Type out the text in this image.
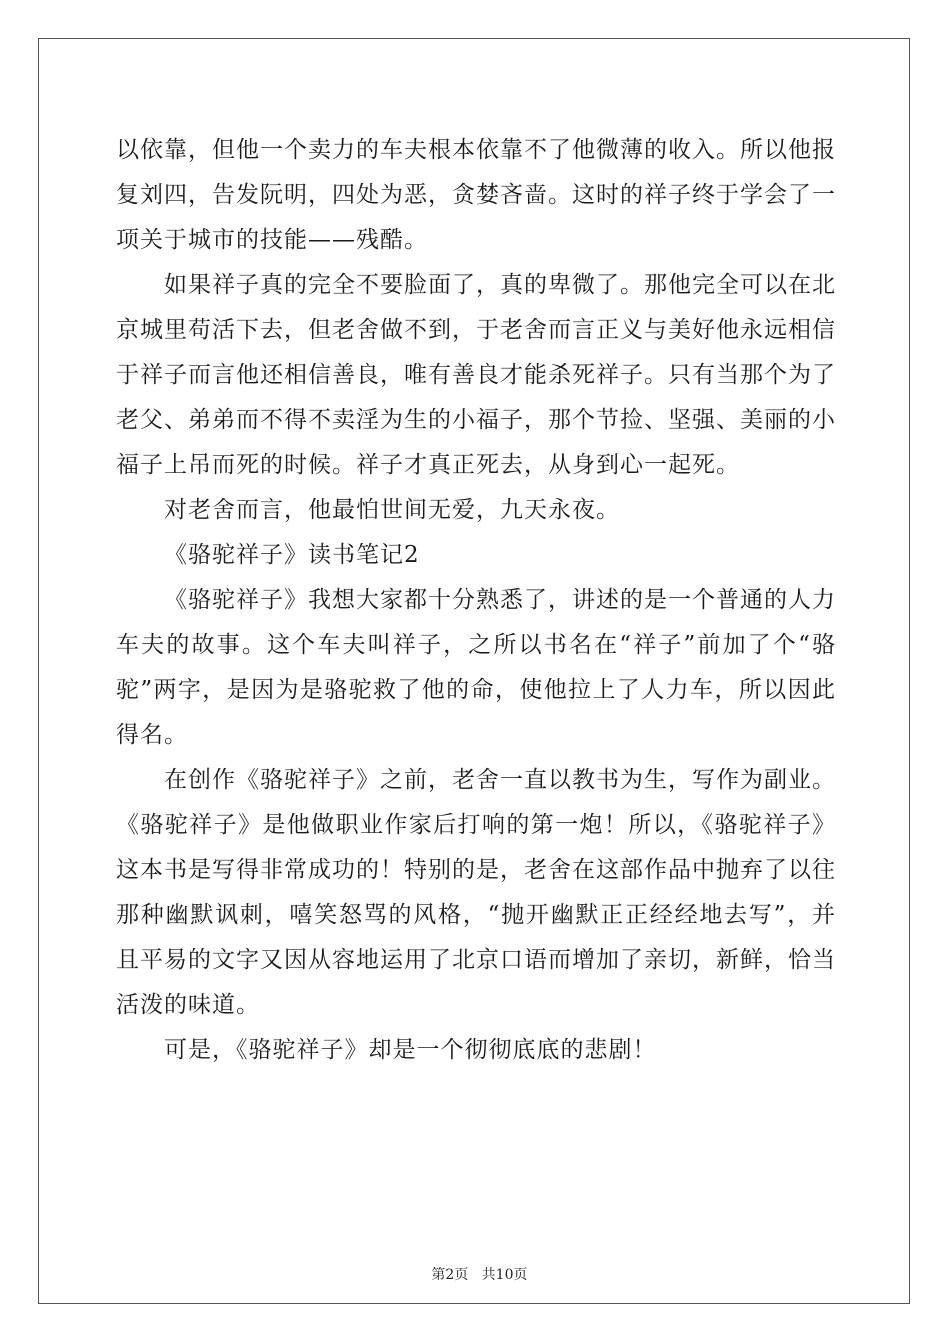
以依靠，但他一个卖力的车夫根本依靠不了他微薄的收入。所以他报复刘四，告发阮明，四处为恶，贪婪吝啬。这时的祥子终于学会了一项关于城市的技能——残酷。

如果祥子真的完全不要脸面了，真的卑微了。那他完全可以在北京城里苟活下去，但老舍做不到，于老舍而言正义与美好他永远相信于祥子而言他还相信善良，唯有善良才能杀死祥子。只有当那个为了老父、弟弟而不得不卖淫为生的小福子，那个节捡、坚强、美丽的小福子上吊而死的时候。祥子才真正死去，从身到心一起死。

对老舍而言，他最怕世间无爱，九天永夜。

《骆驼祥子》读书笔记2

《骆驼祥子》我想大家都十分熟悉了，讲述的是一个普通的人力车夫的故事。这个车夫叫祥子，之所以书名在“祥子”前加了个“骆驼”两字，是因为是骆驼救了他的命，使他拉上了人力车，所以因此得名。

在创作《骆驼祥子》之前，老舍一直以教书为生，写作为副业。《骆驼祥子》是他做职业作家后打响的第一炮！所以，《骆驼祥子》这本书是写得非常成功的！特别的是，老舍在这部作品中抛弃了以往那种幽默讽刺，嘻笑怒骂的风格，“抛开幽默正正经经地去写”，并且平易的文字又因从容地运用了北京口语而增加了亲切，新鲜，恰当活泼的味道。

可是，《骆驼祥子》却是一个彻彻底底的悲剧！

第2页   共10页
